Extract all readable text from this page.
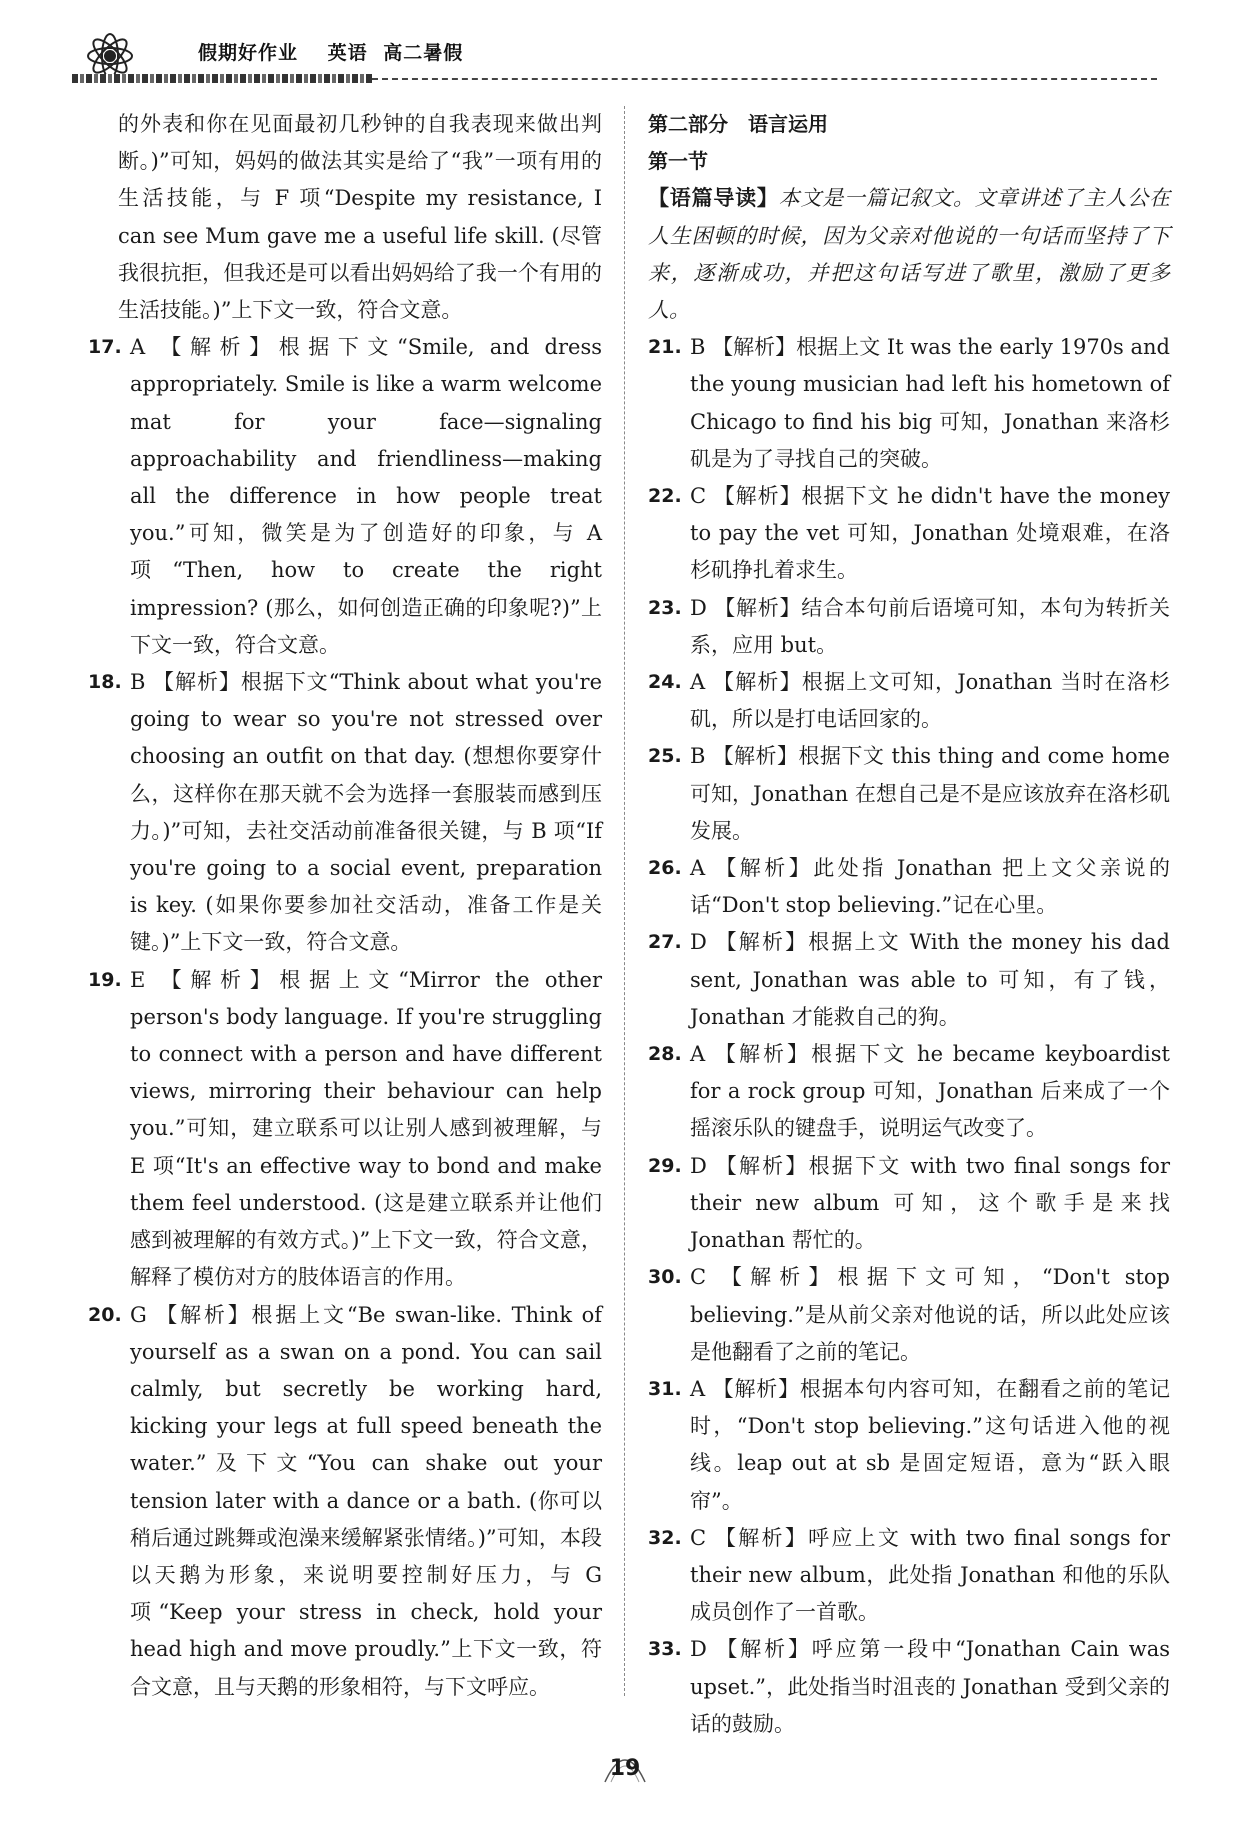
假期好作业 英语 高二暑假

的外表和你在见面最初几秒钟的自我表现来做出判断。)”可知，妈妈的做法其实是给了“我”一项有用的生活技能，与 F 项“Despite my resistance, I can see Mum gave me a useful life skill. (尽管我很抗拒，但我还是可以看出妈妈给了我一个有用的生活技能。)”上下文一致，符合文意。

17. A 【解析】根据下文“Smile, and dress appropriately. Smile is like a warm welcome mat for your face—signaling approachability and friendliness—making all the difference in how people treat you.”可知，微笑是为了创造好的印象，与 A 项“Then, how to create the right impression? (那么，如何创造正确的印象呢?)”上下文一致，符合文意。
18. B 【解析】根据下文“Think about what you're going to wear so you're not stressed over choosing an outfit on that day. (想想你要穿什么，这样你在那天就不会为选择一套服装而感到压力。)”可知，去社交活动前准备很关键，与 B 项“If you're going to a social event, preparation is key. (如果你要参加社交活动，准备工作是关键。)”上下文一致，符合文意。
19. E 【解析】根据上文“Mirror the other person's body language. If you're struggling to connect with a person and have different views, mirroring their behaviour can help you.”可知，建立联系可以让别人感到被理解，与 E 项“It's an effective way to bond and make them feel understood. (这是建立联系并让他们感到被理解的有效方式。)”上下文一致，符合文意，解释了模仿对方的肢体语言的作用。
20. G 【解析】根据上文“Be swan-like. Think of yourself as a swan on a pond. You can sail calmly, but secretly be working hard, kicking your legs at full speed beneath the water.”及下文“You can shake out your tension later with a dance or a bath. (你可以稍后通过跳舞或泡澡来缓解紧张情绪。)”可知，本段以天鹅为形象，来说明要控制好压力，与 G 项“Keep your stress in check, hold your head high and move proudly.”上下文一致，符合文意，且与天鹅的形象相符，与下文呼应。

第二部分　语言运用

第一节

【语篇导读】本文是一篇记叙文。文章讲述了主人公在人生困顿的时候，因为父亲对他说的一句话而坚持了下来，逐渐成功，并把这句话写进了歌里，激励了更多人。

21. B 【解析】根据上文 It was the early 1970s and the young musician had left his hometown of Chicago to find his big 可知，Jonathan 来洛杉矶是为了寻找自己的突破。
22. C 【解析】根据下文 he didn't have the money to pay the vet 可知，Jonathan 处境艰难，在洛杉矶挣扎着求生。
23. D 【解析】结合本句前后语境可知，本句为转折关系，应用 but。
24. A 【解析】根据上文可知，Jonathan 当时在洛杉矶，所以是打电话回家的。
25. B 【解析】根据下文 this thing and come home 可知，Jonathan 在想自己是不是应该放弃在洛杉矶发展。
26. A 【解析】此处指 Jonathan 把上文父亲说的话“Don't stop believing.”记在心里。
27. D 【解析】根据上文 With the money his dad sent, Jonathan was able to 可知，有了钱，Jonathan 才能救自己的狗。
28. A 【解析】根据下文 he became keyboardist for a rock group 可知，Jonathan 后来成了一个摇滚乐队的键盘手，说明运气改变了。
29. D 【解析】根据下文 with two final songs for their new album 可知，这个歌手是来找 Jonathan 帮忙的。
30. C 【解析】根据下文可知，“Don't stop believing.”是从前父亲对他说的话，所以此处应该是他翻看了之前的笔记。
31. A 【解析】根据本句内容可知，在翻看之前的笔记时，“Don't stop believing.”这句话进入他的视线。leap out at sb 是固定短语，意为“跃入眼帘”。
32. C 【解析】呼应上文 with two final songs for their new album，此处指 Jonathan 和他的乐队成员创作了一首歌。
33. D 【解析】呼应第一段中“Jonathan Cain was upset.”，此处指当时沮丧的 Jonathan 受到父亲的话的鼓励。
19
